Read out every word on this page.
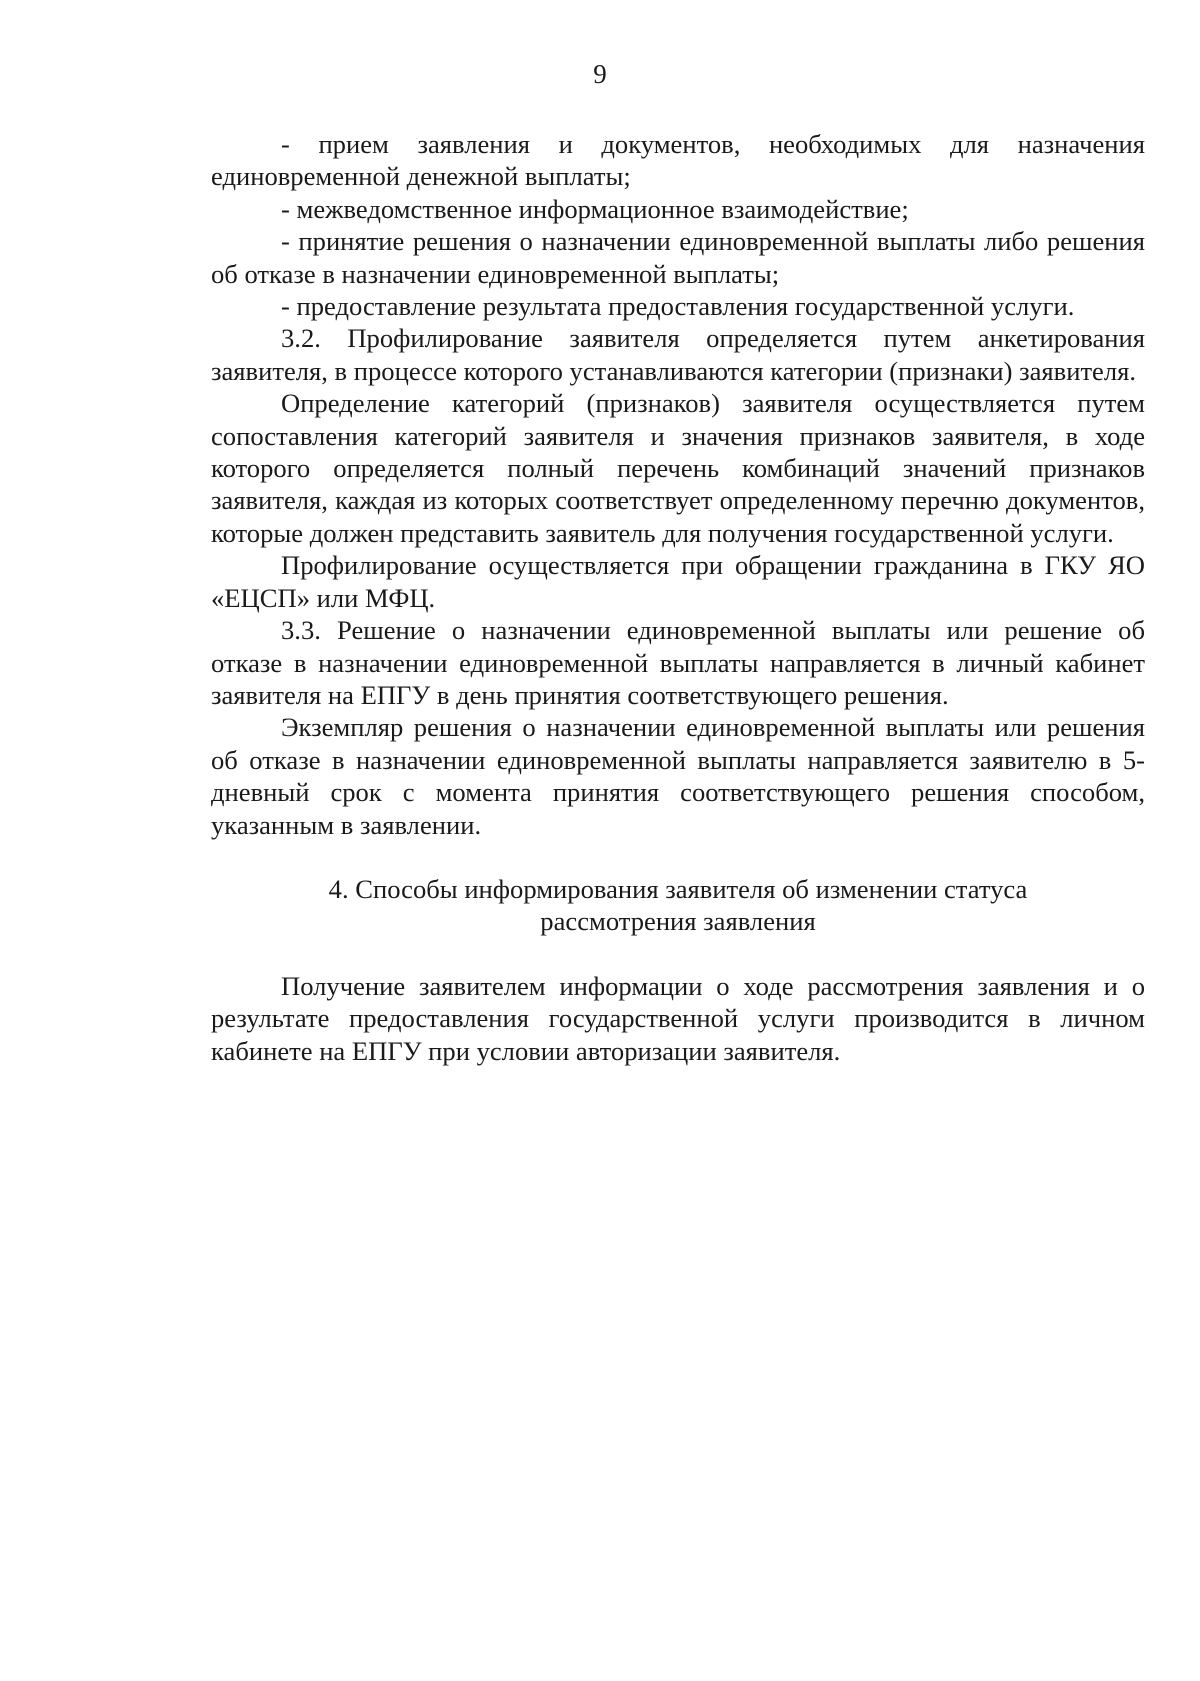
9

- прием заявления и документов, необходимых для назначения единовременной денежной выплаты;

- межведомственное информационное взаимодействие;

- принятие решения о назначении единовременной выплаты либо решения об отказе в назначении единовременной выплаты;

- предоставление результата предоставления государственной услуги.

3.2. Профилирование заявителя определяется путем анкетирования заявителя, в процессе которого устанавливаются категории (признаки) заявителя.

Определение категорий (признаков) заявителя осуществляется путем сопоставления категорий заявителя и значения признаков заявителя, в ходе которого определяется полный перечень комбинаций значений признаков заявителя, каждая из которых соответствует определенному перечню документов, которые должен представить заявитель для получения государственной услуги.

Профилирование осуществляется при обращении гражданина в ГКУ ЯО «ЕЦСП» или МФЦ.

3.3. Решение о назначении единовременной выплаты или решение об отказе в назначении единовременной выплаты направляется в личный кабинет заявителя на ЕПГУ в день принятия соответствующего решения.

Экземпляр решения о назначении единовременной выплаты или решения об отказе в назначении единовременной выплаты направляется заявителю в 5-дневный срок с момента принятия соответствующего решения способом, указанным в заявлении.

4. Способы информирования заявителя об изменении статуса
рассмотрения заявления

Получение заявителем информации о ходе рассмотрения заявления и о результате предоставления государственной услуги производится в личном кабинете на ЕПГУ при условии авторизации заявителя.
